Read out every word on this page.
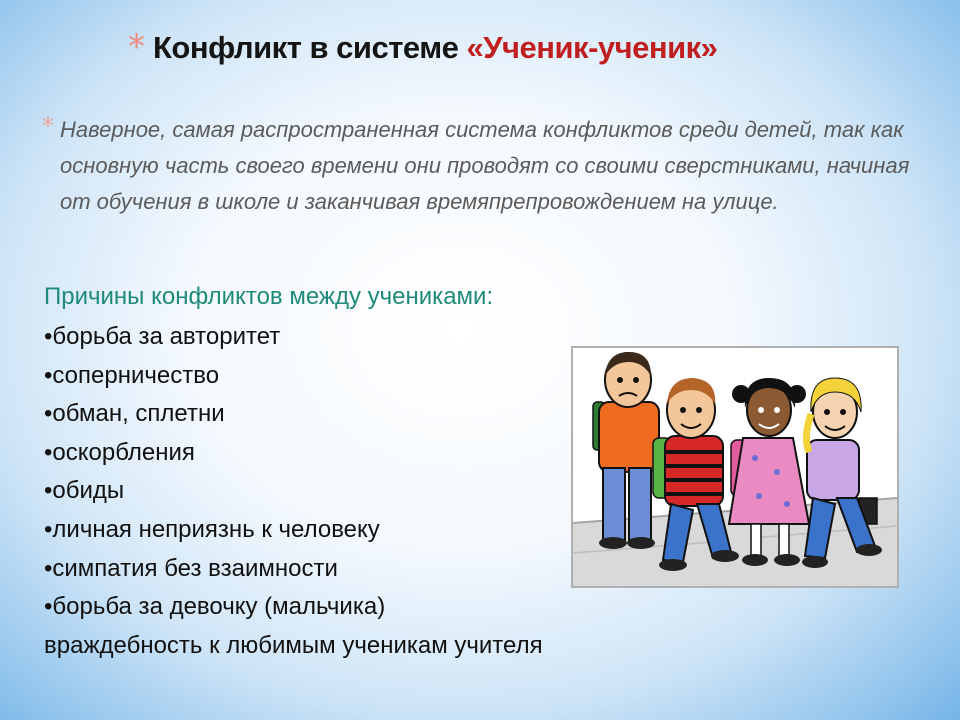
* Конфликт в системе «Ученик-ученик»
* Наверное, самая распространенная система конфликтов среди детей, так как основную часть своего времени они проводят со своими сверстниками, начиная от обучения в школе и заканчивая времяпрепровождением на улице.
Причины конфликтов между учениками:
•борьба за авторитет
•соперничество
•обман, сплетни
•оскорбления
•обиды
•личная неприязнь к человеку
•симпатия без взаимности
•борьба за девочку (мальчика)
враждебность к любимым ученикам учителя
